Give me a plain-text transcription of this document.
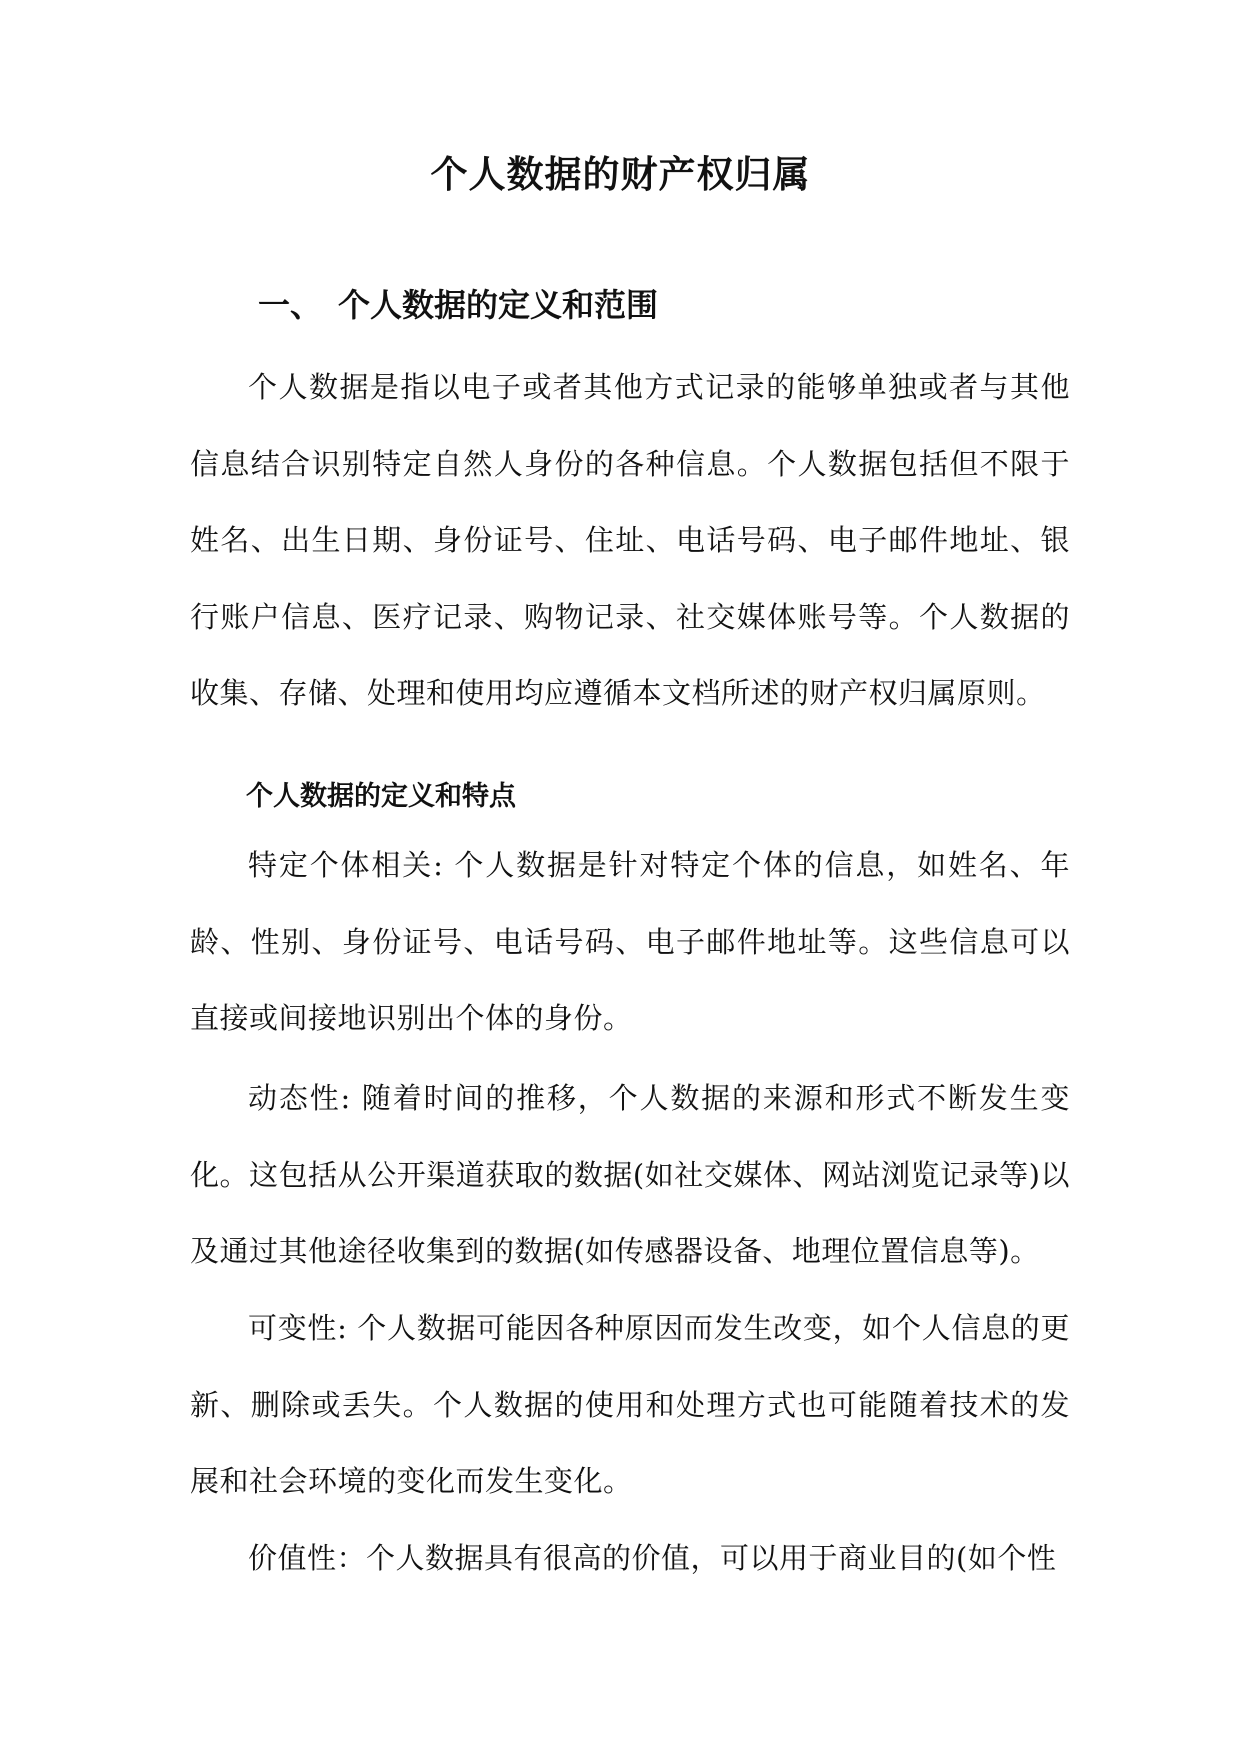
个人数据的财产权归属
一、 个人数据的定义和范围

个人数据是指以电子或者其他方式记录的能够单独或者与其他信息结合识别特定自然人身份的各种信息。个人数据包括但不限于姓名、出生日期、身份证号、住址、电话号码、电子邮件地址、银行账户信息、医疗记录、购物记录、社交媒体账号等。个人数据的收集、存储、处理和使用均应遵循本文档所述的财产权归属原则。

个人数据的定义和特点

特定个体相关: 个人数据是针对特定个体的信息，如姓名、年龄、性别、身份证号、电话号码、电子邮件地址等。这些信息可以直接或间接地识别出个体的身份。

动态性: 随着时间的推移，个人数据的来源和形式不断发生变化。这包括从公开渠道获取的数据(如社交媒体、网站浏览记录等)以及通过其他途径收集到的数据(如传感器设备、地理位置信息等)。

可变性: 个人数据可能因各种原因而发生改变，如个人信息的更新、删除或丢失。个人数据的使用和处理方式也可能随着技术的发展和社会环境的变化而发生变化。

价值性：个人数据具有很高的价值，可以用于商业目的(如个性
